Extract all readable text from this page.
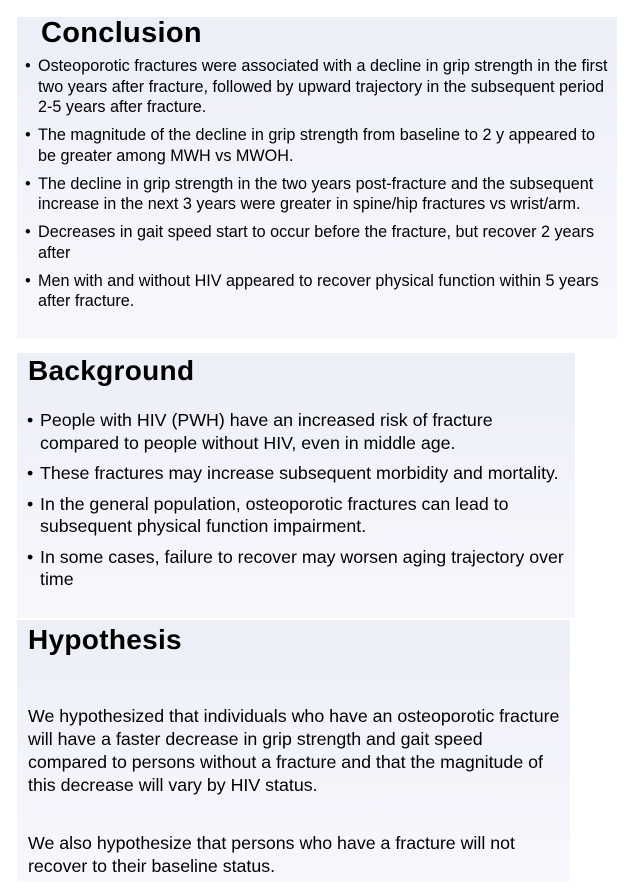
Conclusion
• Osteoporotic fractures were associated with a decline in grip strength in the first two years after fracture, followed by upward trajectory in the subsequent period 2-5 years after fracture.
• The magnitude of the decline in grip strength from baseline to 2 y appeared to be greater among MWH vs MWOH.
• The decline in grip strength in the two years post-fracture and the subsequent increase in the next 3 years were greater in spine/hip fractures vs wrist/arm.
• Decreases in gait speed start to occur before the fracture, but recover 2 years after
• Men with and without HIV appeared to recover physical function within 5 years after fracture.
Background
• People with HIV (PWH) have an increased risk of fracture compared to people without HIV, even in middle age.
• These fractures may increase subsequent morbidity and mortality.
• In the general population, osteoporotic fractures can lead to subsequent physical function impairment.
• In some cases, failure to recover may worsen aging trajectory over time
Hypothesis

We hypothesized that individuals who have an osteoporotic fracture will have a faster decrease in grip strength and gait speed compared to persons without a fracture and that the magnitude of this decrease will vary by HIV status.

We also hypothesize that persons who have a fracture will not recover to their baseline status.
